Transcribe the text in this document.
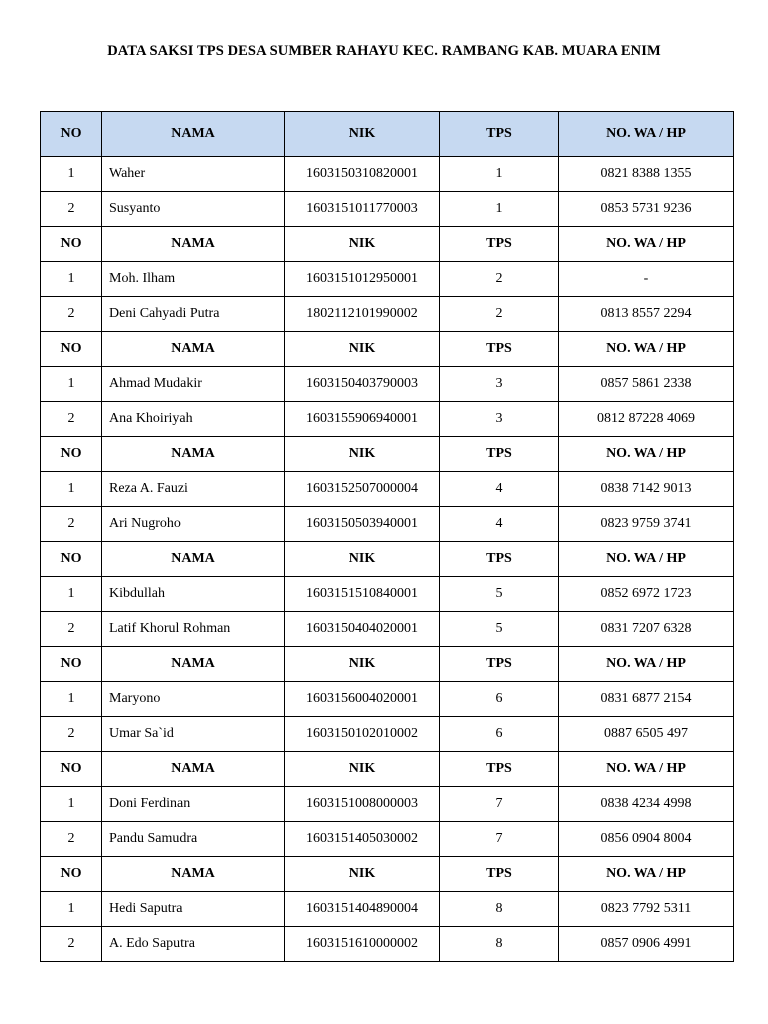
DATA SAKSI TPS DESA SUMBER RAHAYU KEC. RAMBANG KAB. MUARA ENIM
NO	NAMA	NIK	TPS	NO. WA / HP
1	Waher	1603150310820001	1	0821 8388 1355
2	Susyanto	1603151011770003	1	0853 5731 9236
NO	NAMA	NIK	TPS	NO. WA / HP
1	Moh. Ilham	1603151012950001	2	-
2	Deni Cahyadi Putra	1802112101990002	2	0813 8557 2294
NO	NAMA	NIK	TPS	NO. WA / HP
1	Ahmad Mudakir	1603150403790003	3	0857 5861 2338
2	Ana Khoiriyah	1603155906940001	3	0812 87228 4069
NO	NAMA	NIK	TPS	NO. WA / HP
1	Reza A. Fauzi	1603152507000004	4	0838 7142 9013
2	Ari Nugroho	1603150503940001	4	0823 9759 3741
NO	NAMA	NIK	TPS	NO. WA / HP
1	Kibdullah	1603151510840001	5	0852 6972 1723
2	Latif Khorul Rohman	1603150404020001	5	0831 7207 6328
NO	NAMA	NIK	TPS	NO. WA / HP
1	Maryono	1603156004020001	6	0831 6877 2154
2	Umar Sa`id	1603150102010002	6	0887 6505 497
NO	NAMA	NIK	TPS	NO. WA / HP
1	Doni Ferdinan	1603151008000003	7	0838 4234 4998
2	Pandu Samudra	1603151405030002	7	0856 0904 8004
NO	NAMA	NIK	TPS	NO. WA / HP
1	Hedi Saputra	1603151404890004	8	0823 7792 5311
2	A. Edo Saputra	1603151610000002	8	0857 0906 4991
